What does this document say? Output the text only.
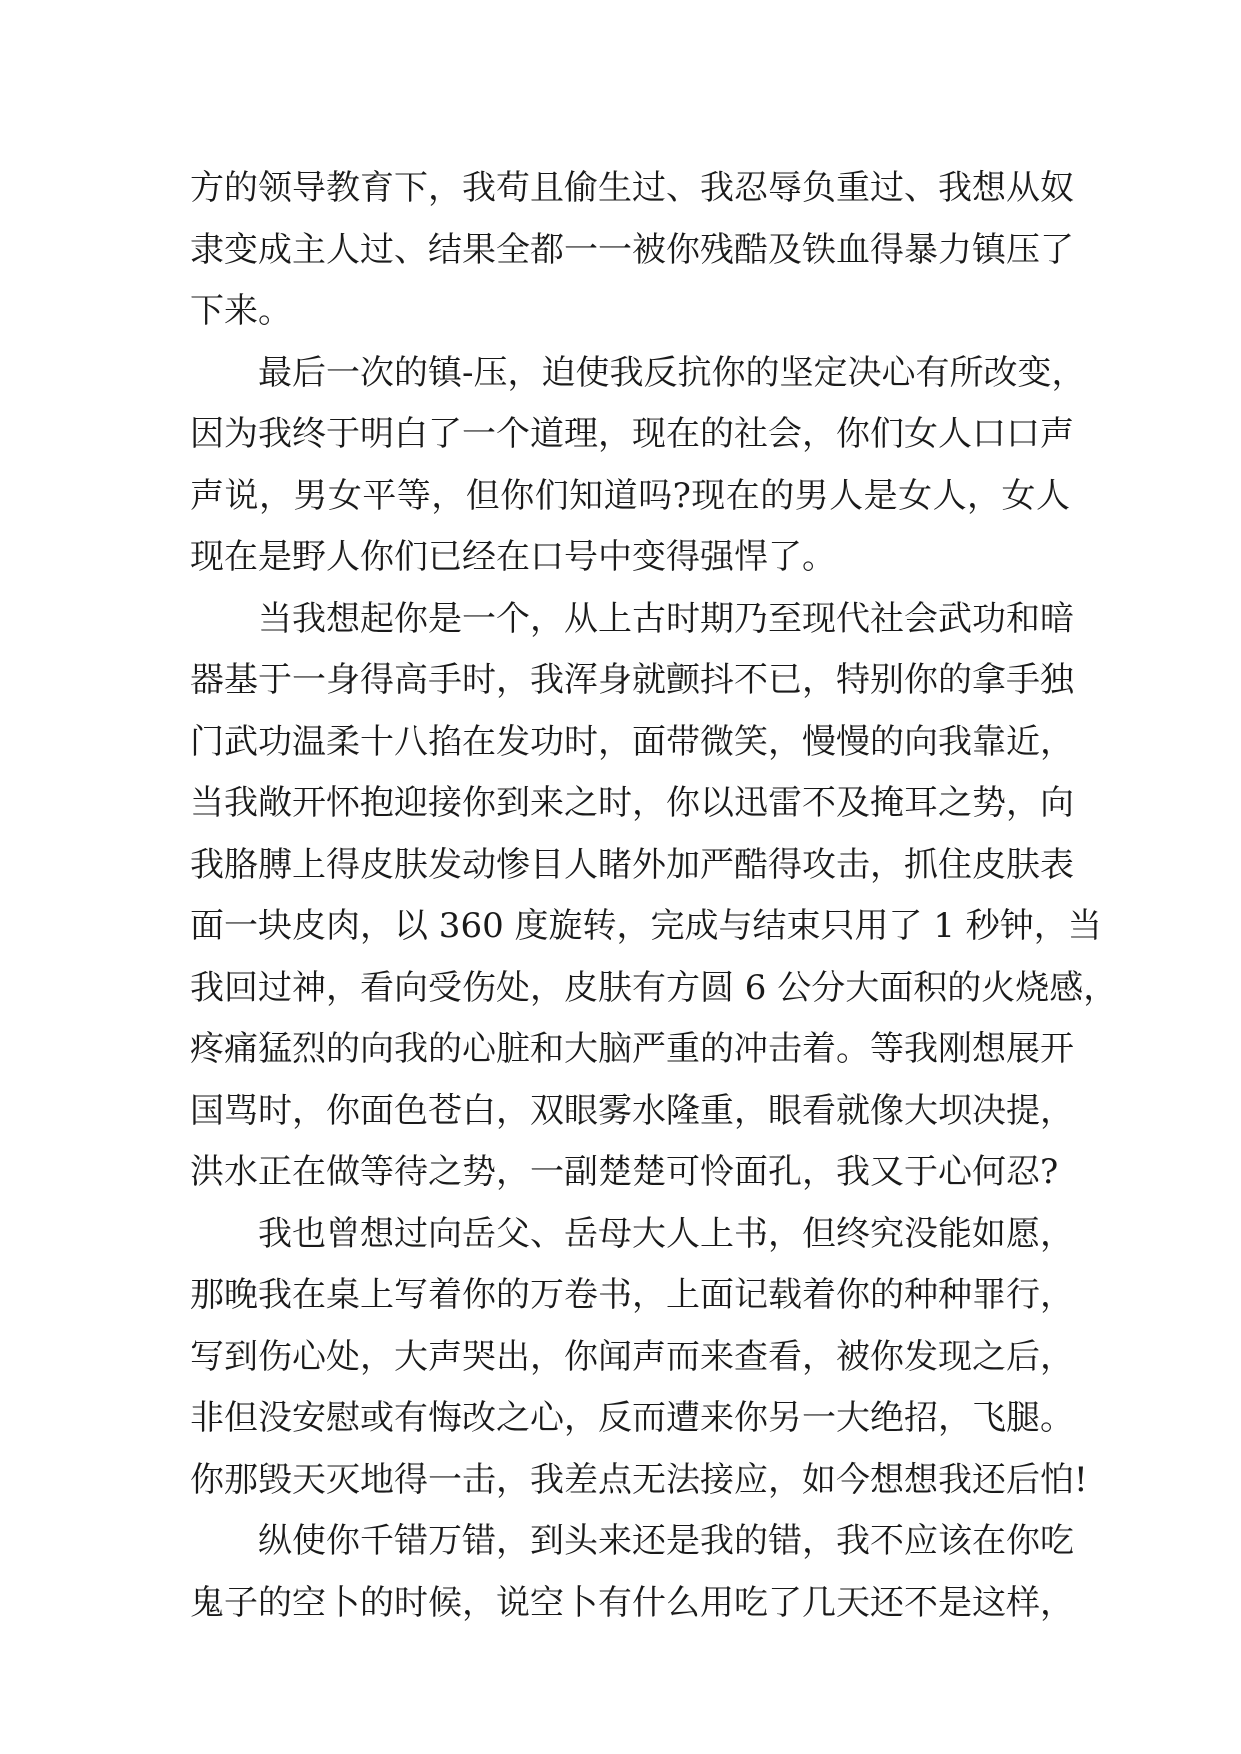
方的领导教育下，我苟且偷生过、我忍辱负重过、我想从奴
隶变成主人过、结果全都一一被你残酷及铁血得暴力镇压了
下来。
最后一次的镇-压，迫使我反抗你的坚定决心有所改变，
因为我终于明白了一个道理，现在的社会，你们女人口口声
声说，男女平等，但你们知道吗?现在的男人是女人，女人
现在是野人你们已经在口号中变得强悍了。
当我想起你是一个，从上古时期乃至现代社会武功和暗
器基于一身得高手时，我浑身就颤抖不已，特别你的拿手独
门武功温柔十八掐在发功时，面带微笑，慢慢的向我靠近，
当我敞开怀抱迎接你到来之时，你以迅雷不及掩耳之势，向
我胳膊上得皮肤发动惨目人睹外加严酷得攻击，抓住皮肤表
面一块皮肉，以 360 度旋转，完成与结束只用了 1 秒钟，当
我回过神，看向受伤处，皮肤有方圆 6 公分大面积的火烧感，
疼痛猛烈的向我的心脏和大脑严重的冲击着。等我刚想展开
国骂时，你面色苍白，双眼雾水隆重，眼看就像大坝决提，
洪水正在做等待之势，一副楚楚可怜面孔，我又于心何忍?
我也曾想过向岳父、岳母大人上书，但终究没能如愿，
那晚我在桌上写着你的万卷书，上面记载着你的种种罪行，
写到伤心处，大声哭出，你闻声而来查看，被你发现之后，
非但没安慰或有悔改之心，反而遭来你另一大绝招，飞腿。
你那毁天灭地得一击，我差点无法接应，如今想想我还后怕!
纵使你千错万错，到头来还是我的错，我不应该在你吃
鬼子的空卜的时候，说空卜有什么用吃了几天还不是这样，
